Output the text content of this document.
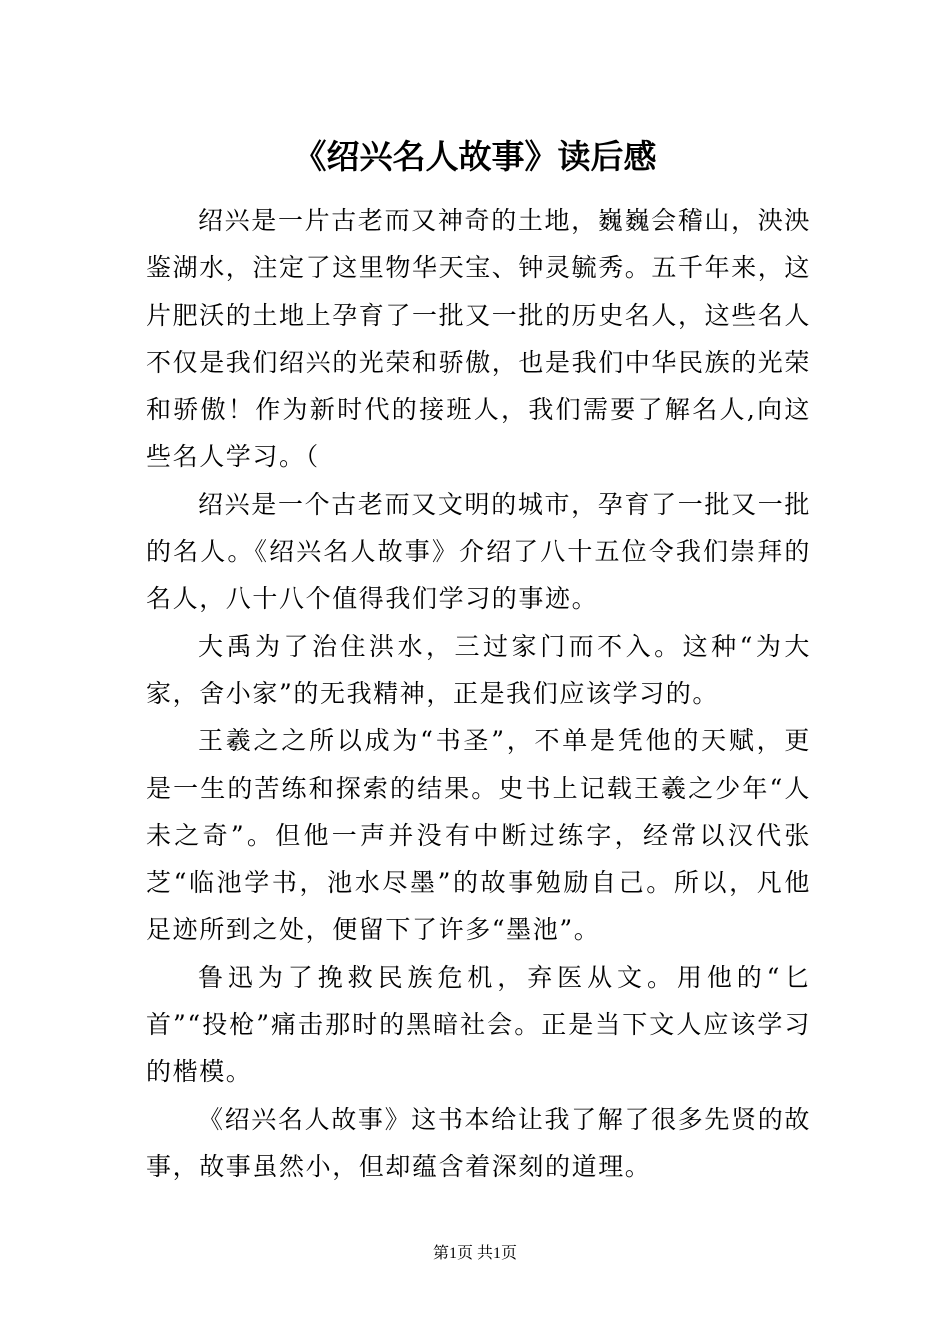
《绍兴名人故事》读后感

绍兴是一片古老而又神奇的土地，巍巍会稽山，泱泱鉴湖水，注定了这里物华天宝、钟灵毓秀。五千年来，这片肥沃的土地上孕育了一批又一批的历史名人，这些名人不仅是我们绍兴的光荣和骄傲，也是我们中华民族的光荣和骄傲！作为新时代的接班人，我们需要了解名人,向这些名人学习。（

绍兴是一个古老而又文明的城市，孕育了一批又一批的名人。《绍兴名人故事》介绍了八十五位令我们崇拜的名人，八十八个值得我们学习的事迹。

大禹为了治住洪水，三过家门而不入。这种“为大家，舍小家”的无我精神，正是我们应该学习的。

王羲之之所以成为“书圣”，不单是凭他的天赋，更是一生的苦练和探索的结果。史书上记载王羲之少年“人未之奇”。但他一声并没有中断过练字，经常以汉代张芝“临池学书，池水尽墨”的故事勉励自己。所以，凡他足迹所到之处，便留下了许多“墨池”。

鲁迅为了挽救民族危机，弃医从文。用他的“匕首”“投枪”痛击那时的黑暗社会。正是当下文人应该学习的楷模。

《绍兴名人故事》这书本给让我了解了很多先贤的故事，故事虽然小，但却蕴含着深刻的道理。

第1页 共1页
